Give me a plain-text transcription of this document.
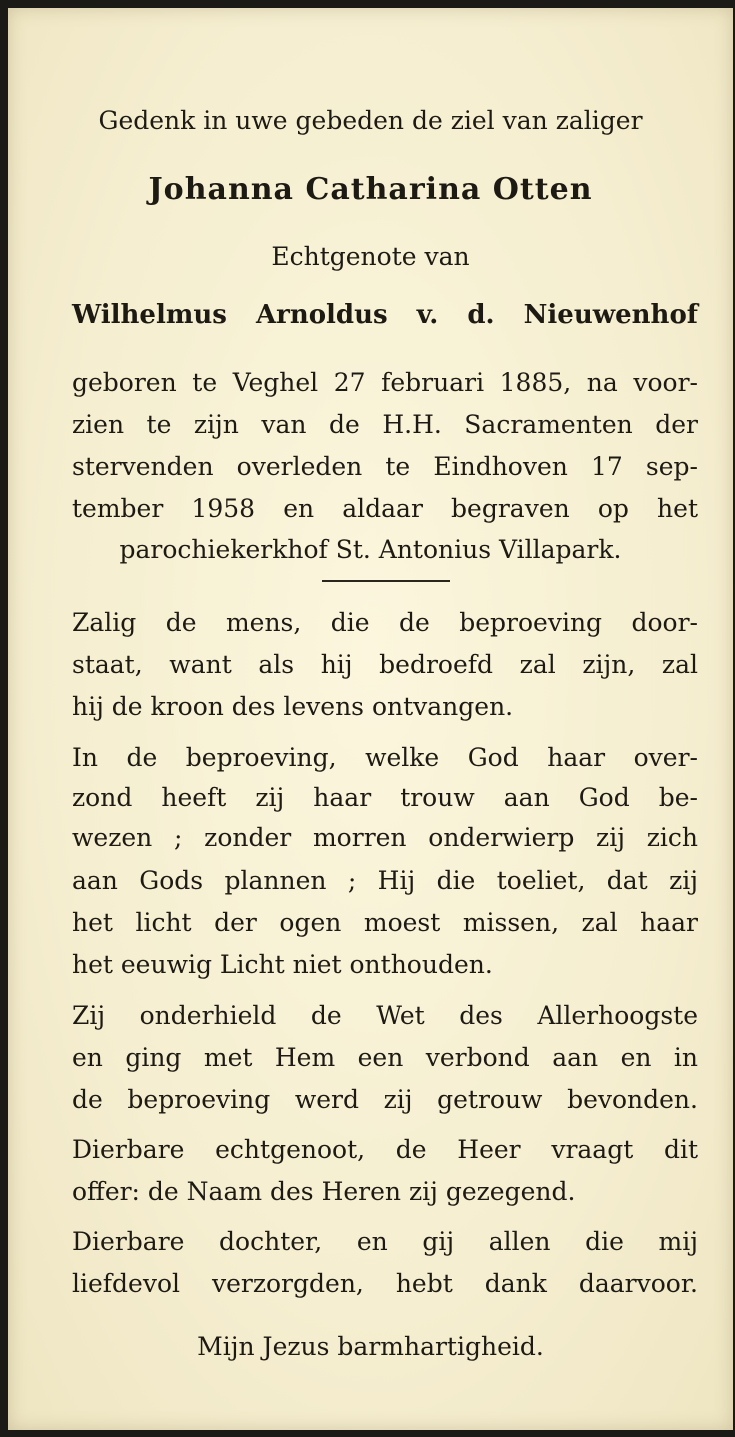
Gedenk in uwe gebeden de ziel van zaliger

Johanna Catharina Otten

Echtgenote van

Wilhelmus Arnoldus v. d. Nieuwenhof

geboren te Veghel 27 februari 1885, na voor-

zien te zijn van de H.H. Sacramenten der

stervenden overleden te Eindhoven 17 sep-

tember 1958 en aldaar begraven op het

parochiekerkhof St. Antonius Villapark.

Zalig de mens, die de beproeving door-

staat, want als hij bedroefd zal zijn, zal

hij de kroon des levens ontvangen.

In de beproeving, welke God haar over-

zond heeft zij haar trouw aan God be-

wezen ; zonder morren onderwierp zij zich

aan Gods plannen ; Hij die toeliet, dat zij

het licht der ogen moest missen, zal haar

het eeuwig Licht niet onthouden.

Zij onderhield de Wet des Allerhoogste

en ging met Hem een verbond aan en in

de beproeving werd zij getrouw bevonden.

Dierbare echtgenoot, de Heer vraagt dit

offer: de Naam des Heren zij gezegend.

Dierbare dochter, en gij allen die mij

liefdevol verzorgden, hebt dank daarvoor.

Mijn Jezus barmhartigheid.
